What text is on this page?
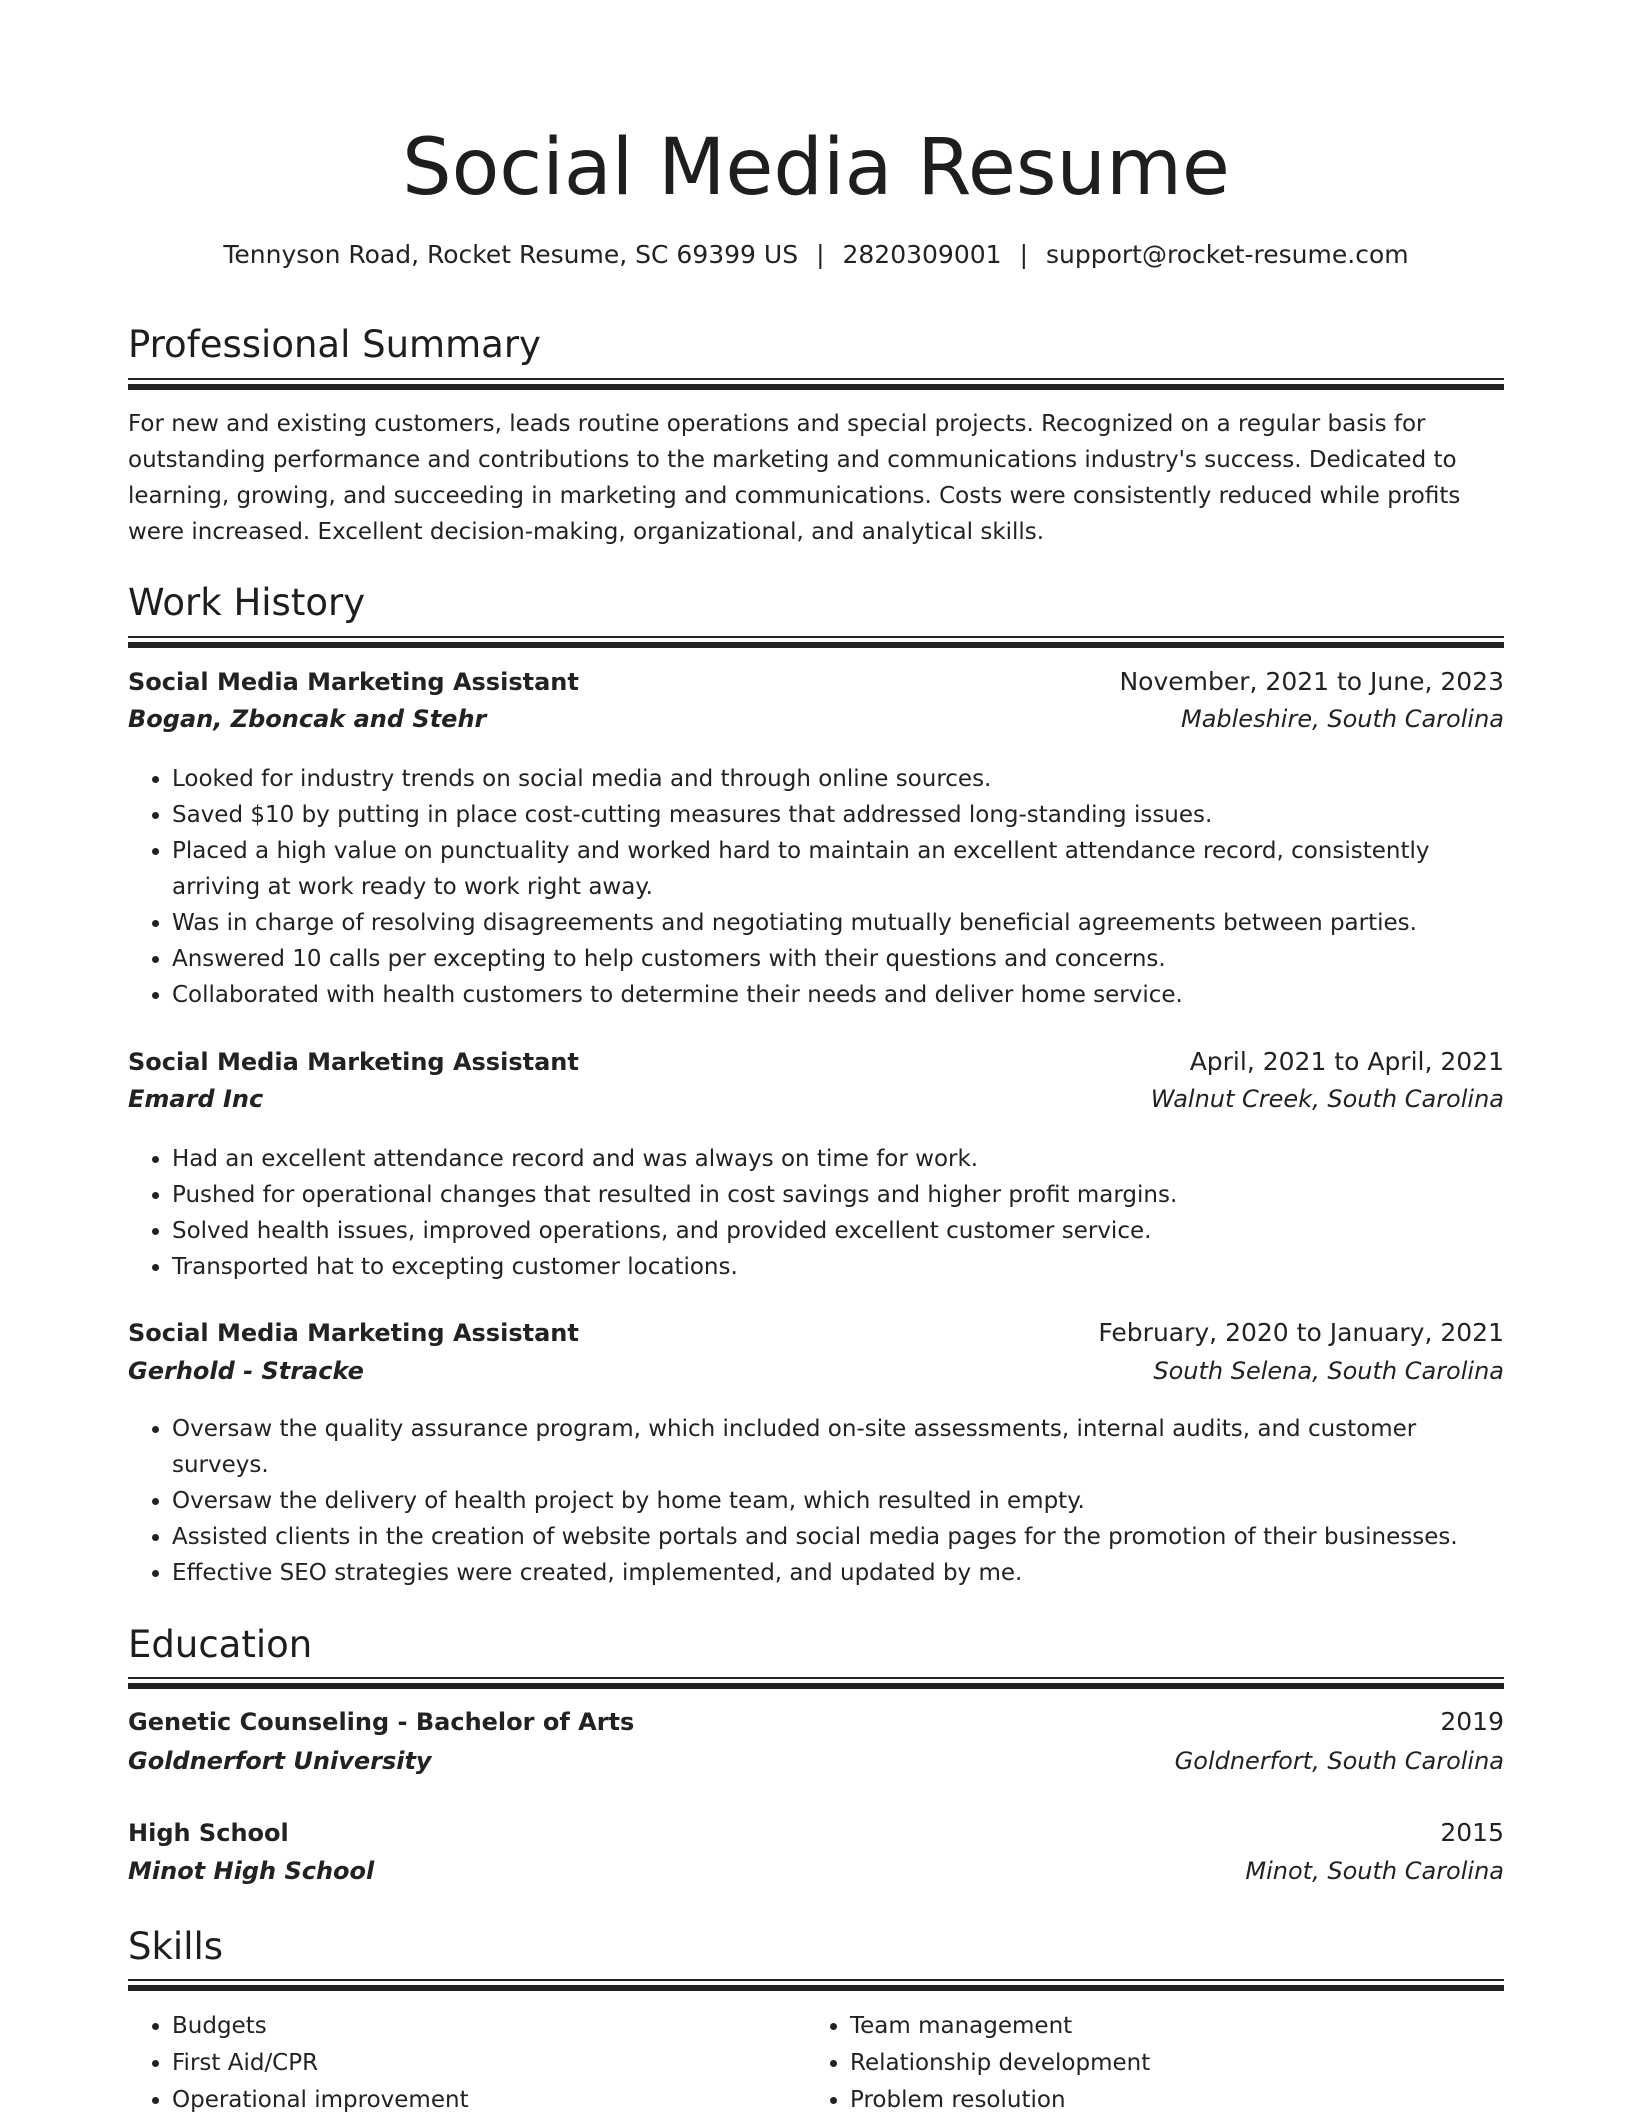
Social Media Resume
Tennyson Road, Rocket Resume, SC 69399 US | 2820309001 | support@rocket-resume.com
Professional Summary

For new and existing customers, leads routine operations and special projects. Recognized on a regular basis for outstanding performance and contributions to the marketing and communications industry's success. Dedicated to learning, growing, and succeeding in marketing and communications. Costs were consistently reduced while profits were increased. Excellent decision-making, organizational, and analytical skills.

Work History
Social Media Marketing Assistant	November, 2021 to June, 2023
Bogan, Zboncak and Stehr	Mableshire, South Carolina
• Looked for industry trends on social media and through online sources.
• Saved $10 by putting in place cost-cutting measures that addressed long-standing issues.
• Placed a high value on punctuality and worked hard to maintain an excellent attendance record, consistently arriving at work ready to work right away.
• Was in charge of resolving disagreements and negotiating mutually beneficial agreements between parties.
• Answered 10 calls per excepting to help customers with their questions and concerns.
• Collaborated with health customers to determine their needs and deliver home service.
Social Media Marketing Assistant	April, 2021 to April, 2021
Emard Inc	Walnut Creek, South Carolina
• Had an excellent attendance record and was always on time for work.
• Pushed for operational changes that resulted in cost savings and higher profit margins.
• Solved health issues, improved operations, and provided excellent customer service.
• Transported hat to excepting customer locations.
Social Media Marketing Assistant	February, 2020 to January, 2021
Gerhold - Stracke	South Selena, South Carolina
• Oversaw the quality assurance program, which included on-site assessments, internal audits, and customer surveys.
• Oversaw the delivery of health project by home team, which resulted in empty.
• Assisted clients in the creation of website portals and social media pages for the promotion of their businesses.
• Effective SEO strategies were created, implemented, and updated by me.
Education
Genetic Counseling - Bachelor of Arts	2019
Goldnerfort University	Goldnerfort, South Carolina
High School	2015
Minot High School	Minot, South Carolina
Skills
• Budgets
• First Aid/CPR
• Operational improvement
• Team management
• Relationship development
• Problem resolution
